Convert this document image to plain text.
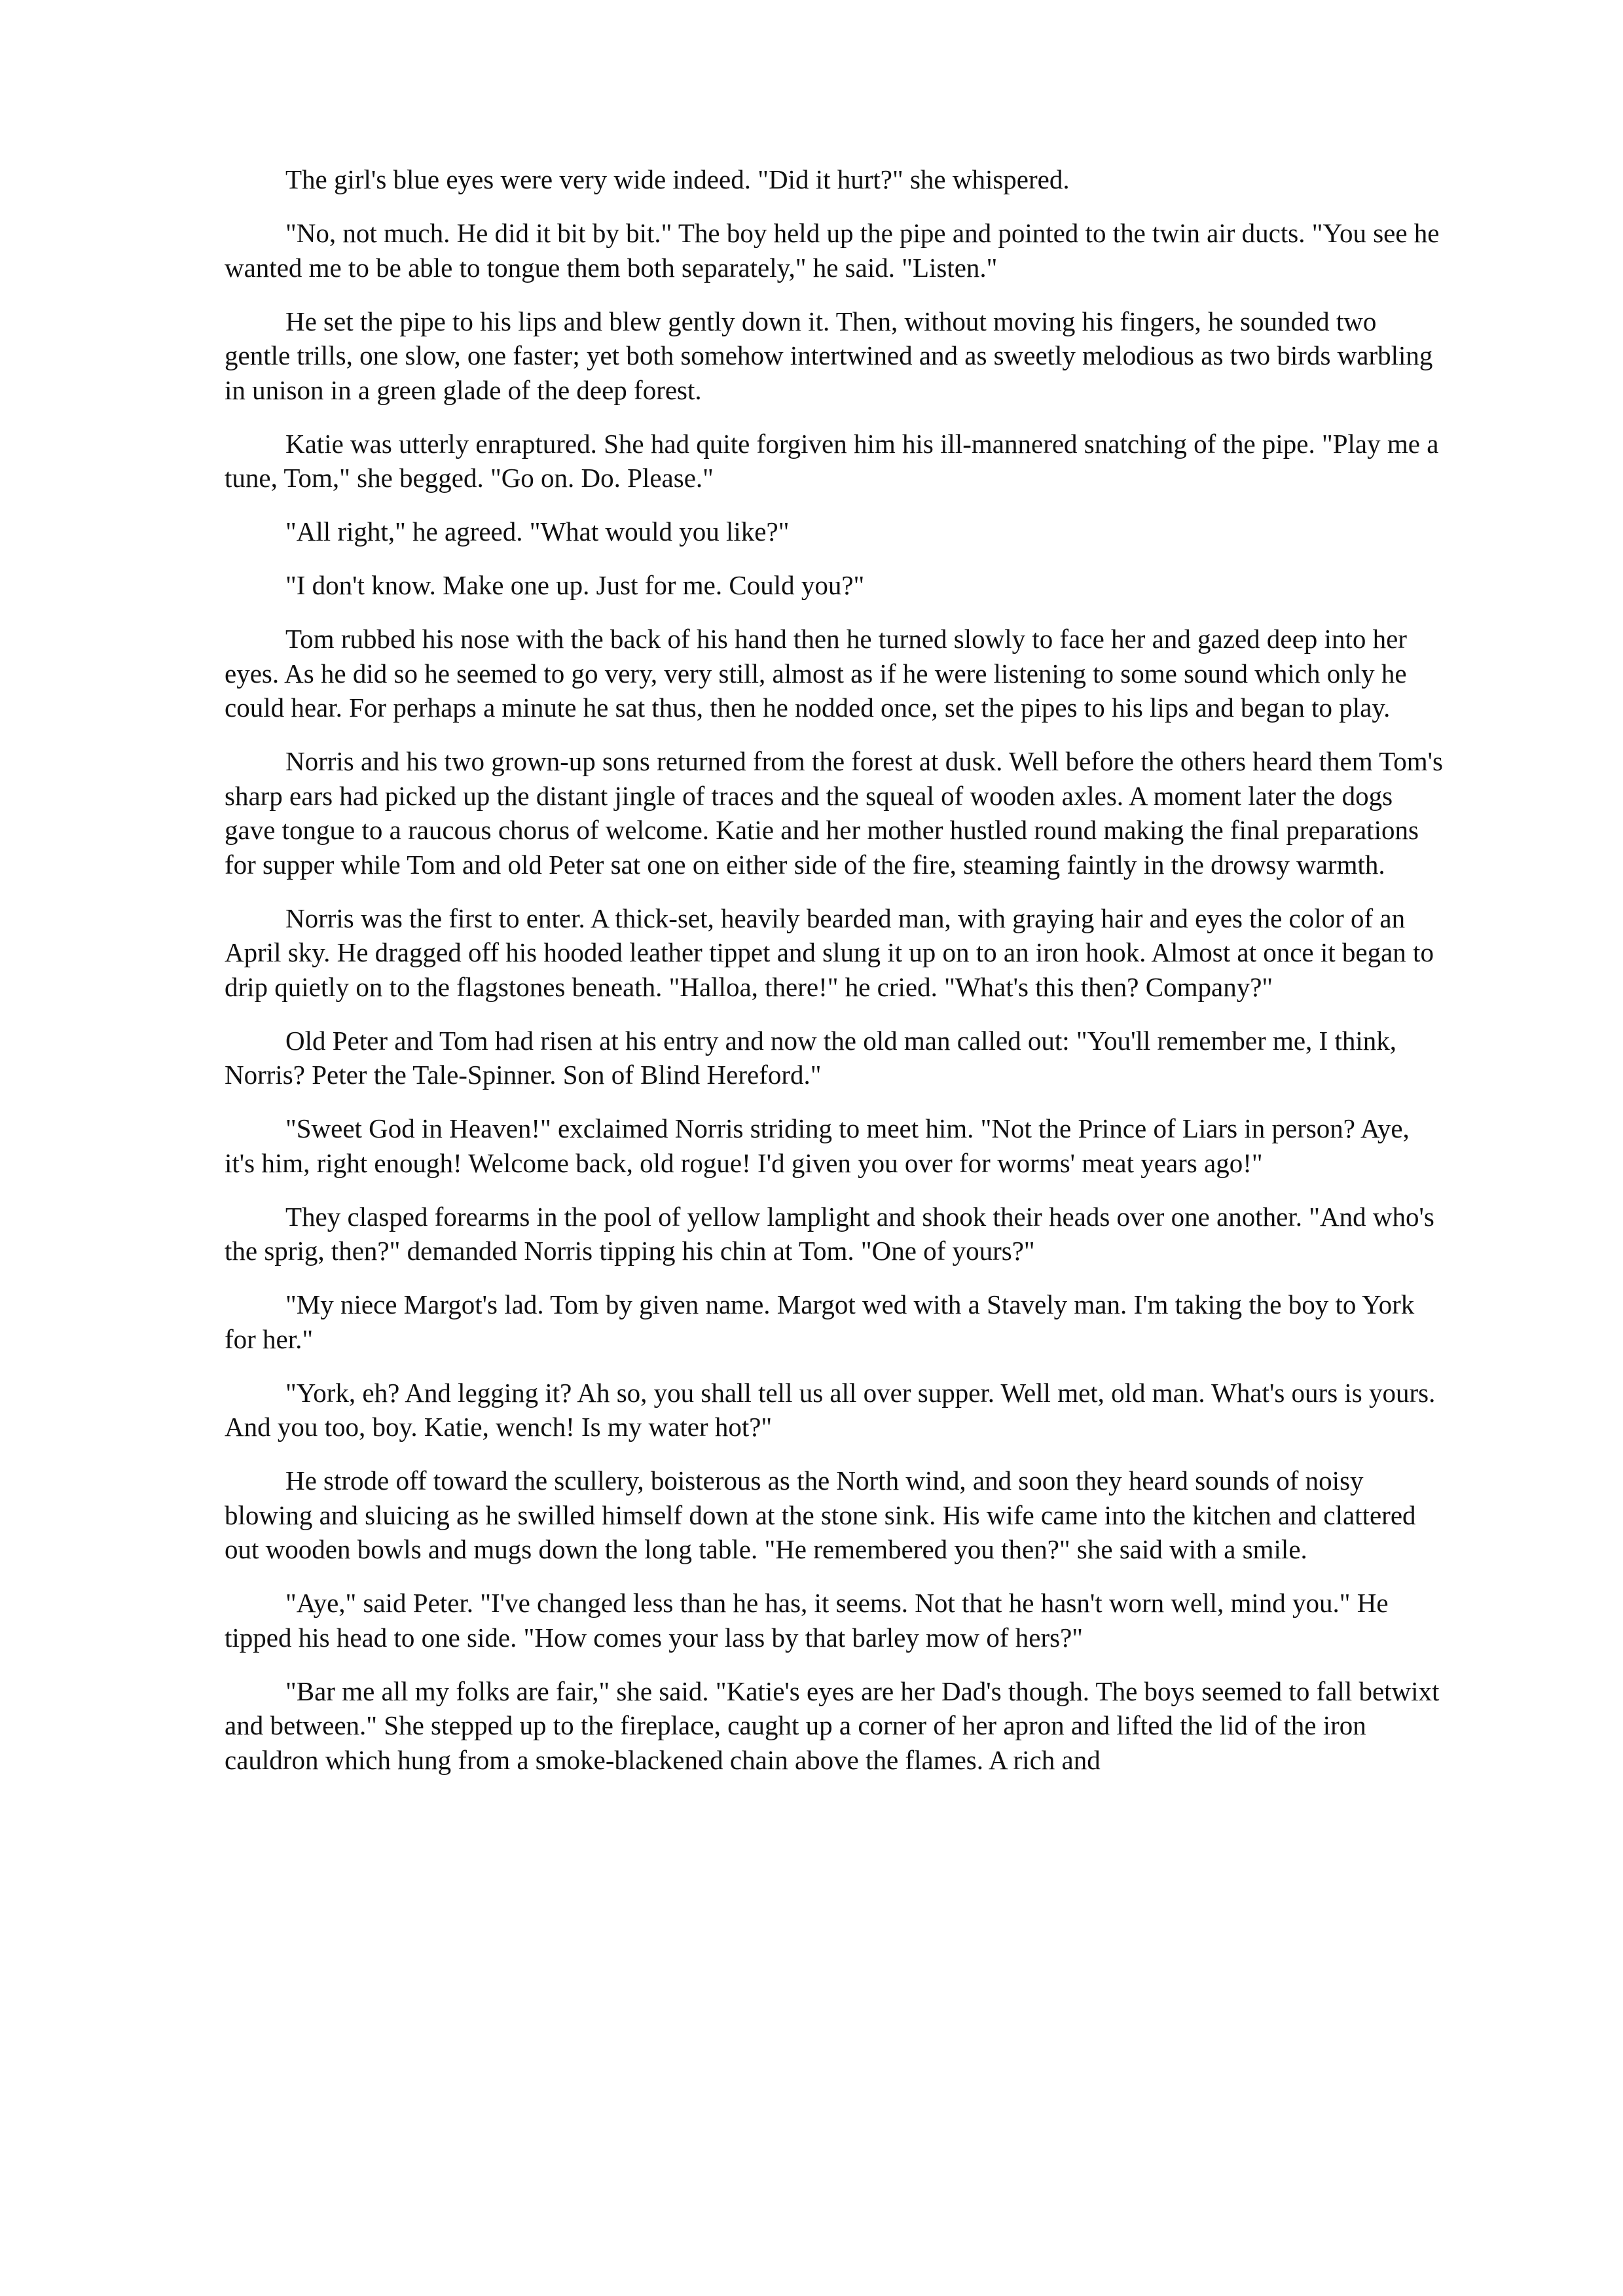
The girl's blue eyes were very wide indeed. "Did it hurt?" she whispered.

"No, not much. He did it bit by bit." The boy held up the pipe and pointed to the twin air ducts. "You see he wanted me to be able to tongue them both separately," he said. "Listen."

He set the pipe to his lips and blew gently down it. Then, without moving his fingers, he sounded two gentle trills, one slow, one faster; yet both somehow intertwined and as sweetly melodious as two birds warbling in unison in a green glade of the deep forest.

Katie was utterly enraptured. She had quite forgiven him his ill-mannered snatching of the pipe. "Play me a tune, Tom," she begged. "Go on. Do. Please."

"All right," he agreed. "What would you like?"

"I don't know. Make one up. Just for me. Could you?"

Tom rubbed his nose with the back of his hand then he turned slowly to face her and gazed deep into her eyes. As he did so he seemed to go very, very still, almost as if he were listening to some sound which only he could hear. For perhaps a minute he sat thus, then he nodded once, set the pipes to his lips and began to play.

Norris and his two grown-up sons returned from the forest at dusk. Well before the others heard them Tom's sharp ears had picked up the distant jingle of traces and the squeal of wooden axles. A moment later the dogs gave tongue to a raucous chorus of welcome. Katie and her mother hustled round making the final preparations for supper while Tom and old Peter sat one on either side of the fire, steaming faintly in the drowsy warmth.

Norris was the first to enter. A thick-set, heavily bearded man, with graying hair and eyes the color of an April sky. He dragged off his hooded leather tippet and slung it up on to an iron hook. Almost at once it began to drip quietly on to the flagstones beneath. "Halloa, there!" he cried. "What's this then? Company?"

Old Peter and Tom had risen at his entry and now the old man called out: "You'll remember me, I think, Norris? Peter the Tale-Spinner. Son of Blind Hereford."

"Sweet God in Heaven!" exclaimed Norris striding to meet him. "Not the Prince of Liars in person? Aye, it's him, right enough! Welcome back, old rogue! I'd given you over for worms' meat years ago!"

They clasped forearms in the pool of yellow lamplight and shook their heads over one another. "And who's the sprig, then?" demanded Norris tipping his chin at Tom. "One of yours?"

"My niece Margot's lad. Tom by given name. Margot wed with a Stavely man. I'm taking the boy to York for her."

"York, eh? And legging it? Ah so, you shall tell us all over supper. Well met, old man. What's ours is yours. And you too, boy. Katie, wench! Is my water hot?"

He strode off toward the scullery, boisterous as the North wind, and soon they heard sounds of noisy blowing and sluicing as he swilled himself down at the stone sink. His wife came into the kitchen and clattered out wooden bowls and mugs down the long table. "He remembered you then?" she said with a smile.

"Aye," said Peter. "I've changed less than he has, it seems. Not that he hasn't worn well, mind you." He tipped his head to one side. "How comes your lass by that barley mow of hers?"

"Bar me all my folks are fair," she said. "Katie's eyes are her Dad's though. The boys seemed to fall betwixt and between." She stepped up to the fireplace, caught up a corner of her apron and lifted the lid of the iron cauldron which hung from a smoke-blackened chain above the flames. A rich and
